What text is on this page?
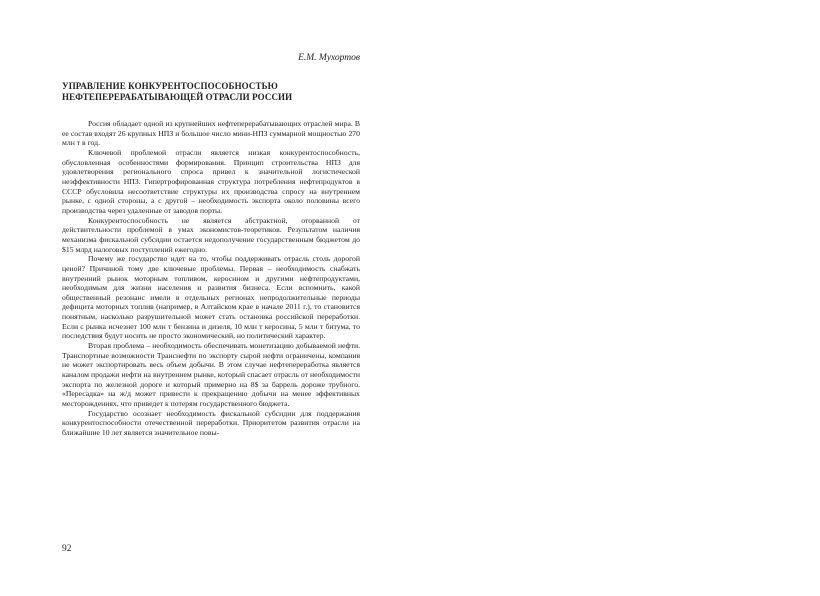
Е.М. Мухортов
УПРАВЛЕНИЕ КОНКУРЕНТОСПОСОБНОСТЬЮ
НЕФТЕПЕРЕРАБАТЫВАЮЩЕЙ ОТРАСЛИ РОССИИ

Россия обладает одной из крупнейших нефтеперерабатывающих отраслей мира. В ее состав входят 26 крупных НПЗ и большое число мини-НПЗ суммарной мощностью 270 млн т в год.

Ключевой проблемой отрасли является низкая конкурентоспособность, обусловленная особенностями формирования. Принцип строительства НПЗ для удовлетворения регионального спроса привел к значительной логистической неэффективности НПЗ. Гипертрофированная структура потребления нефтепродуктов в СССР обусловила несоответствие структуры их производства спросу на внутреннем рынке, с одной стороны, а с другой – необходимость экспорта около половины всего производства через удаленные от заводов порты.

Конкурентоспособность не является абстрактной, оторванной от действительности проблемой в умах экономистов-теоретиков. Результатом наличия механизма фискальной субсидии остается недополучение государственным бюджетом до $15 млрд налоговых поступлений ежегодно.

Почему же государство идет на то, чтобы поддерживать отрасль столь дорогой ценой? Причиной тому две ключевые проблемы. Первая – необходимость снабжать внутренний рынок моторным топливом, керосином и другими нефтепродуктами, необходимым для жизни населения и развития бизнеса. Если вспомнить, какой общественный резонанс имели в отдельных регионах непродолжительные периоды дефицита моторных топлив (например, в Алтайском крае в начале 2011 г.), то становится понятным, насколько разрушительной может стать остановка российской переработки. Если с рынка исчезнет 100 млн т бензина и дизеля, 10 млн т керосина, 5 млн т битума, то последствия будут носить не просто экономический, но политический характер.

Вторая проблема – необходимость обеспечивать монетизацию добываемой нефти. Транспортные возможности Транснефти по экспорту сырой нефти ограничены, компания не может экспортировать весь объем добычи. В этом случае нефтепереработка является каналом продажи нефти на внутреннем рынке, который спасает отрасль от необходимости экспорта по железной дороге и который примерно на 8$ за баррель дороже трубного. «Пересадка» на ж/д может привести к прекращению добычи на менее эффективных месторождениях, что приведет к потерям государственного бюджета.

Государство осознает необходимость фискальной субсидии для поддержания конкурентоспособности отечественной переработки. Приоритетом развития отрасли на ближайшие 10 лет является значительное повы-

92
